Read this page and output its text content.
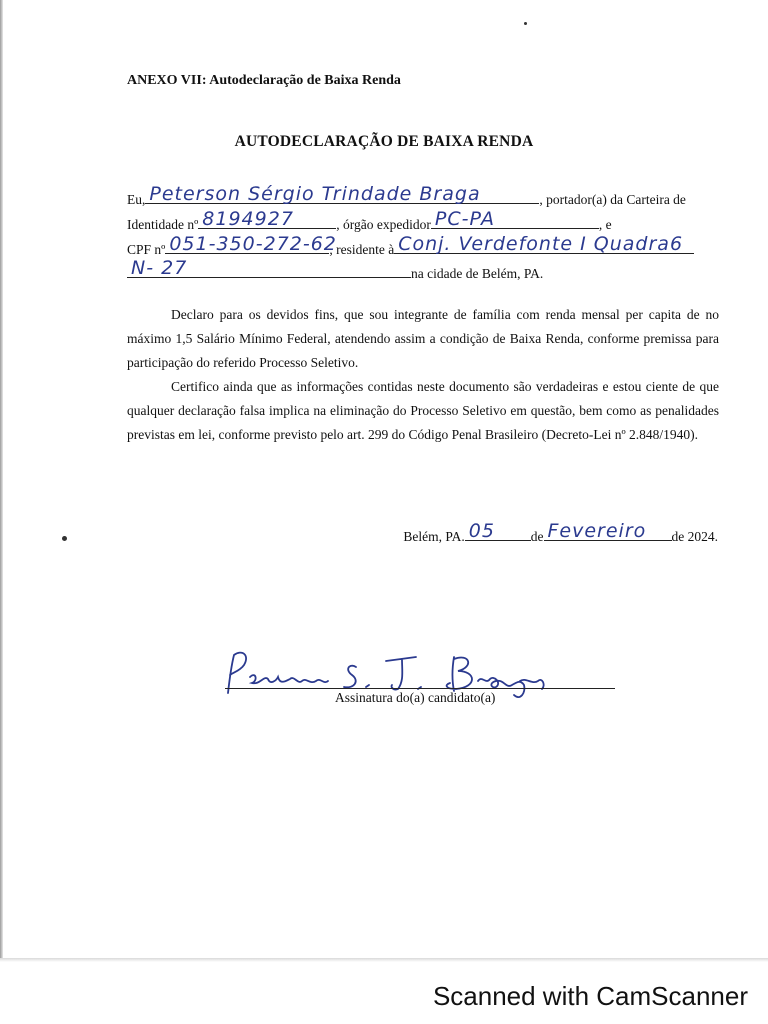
ANEXO VII: Autodeclaração de Baixa Renda
AUTODECLARAÇÃO DE BAIXA RENDA
Eu, Peterson Sérgio Trindade Braga	, portador(a) da Carteira de
Identidade nº 8194927	, órgão expedidor PC-PA	, e
CPF nº 051-350-272-62
, residente à Conj. Verdefonte I Quadra6
N- 27	na cidade de Belém, PA.

Declaro para os devidos fins, que sou integrante de família com renda mensal per capita de no máximo 1,5 Salário Mínimo Federal, atendendo assim a condição de Baixa Renda, conforme premissa para participação do referido Processo Seletivo.

Certifico ainda que as informações contidas neste documento são verdadeiras e estou ciente de que qualquer declaração falsa implica na eliminação do Processo Seletivo em questão, bem como as penalidades previstas em lei, conforme previsto pelo art. 299 do Código Penal Brasileiro (Decreto-Lei nº 2.848/1940).

Belém, PA. 05	de Fevereiro de 2024.
Assinatura do(a) candidato(a)
Scanned with CamScanner
